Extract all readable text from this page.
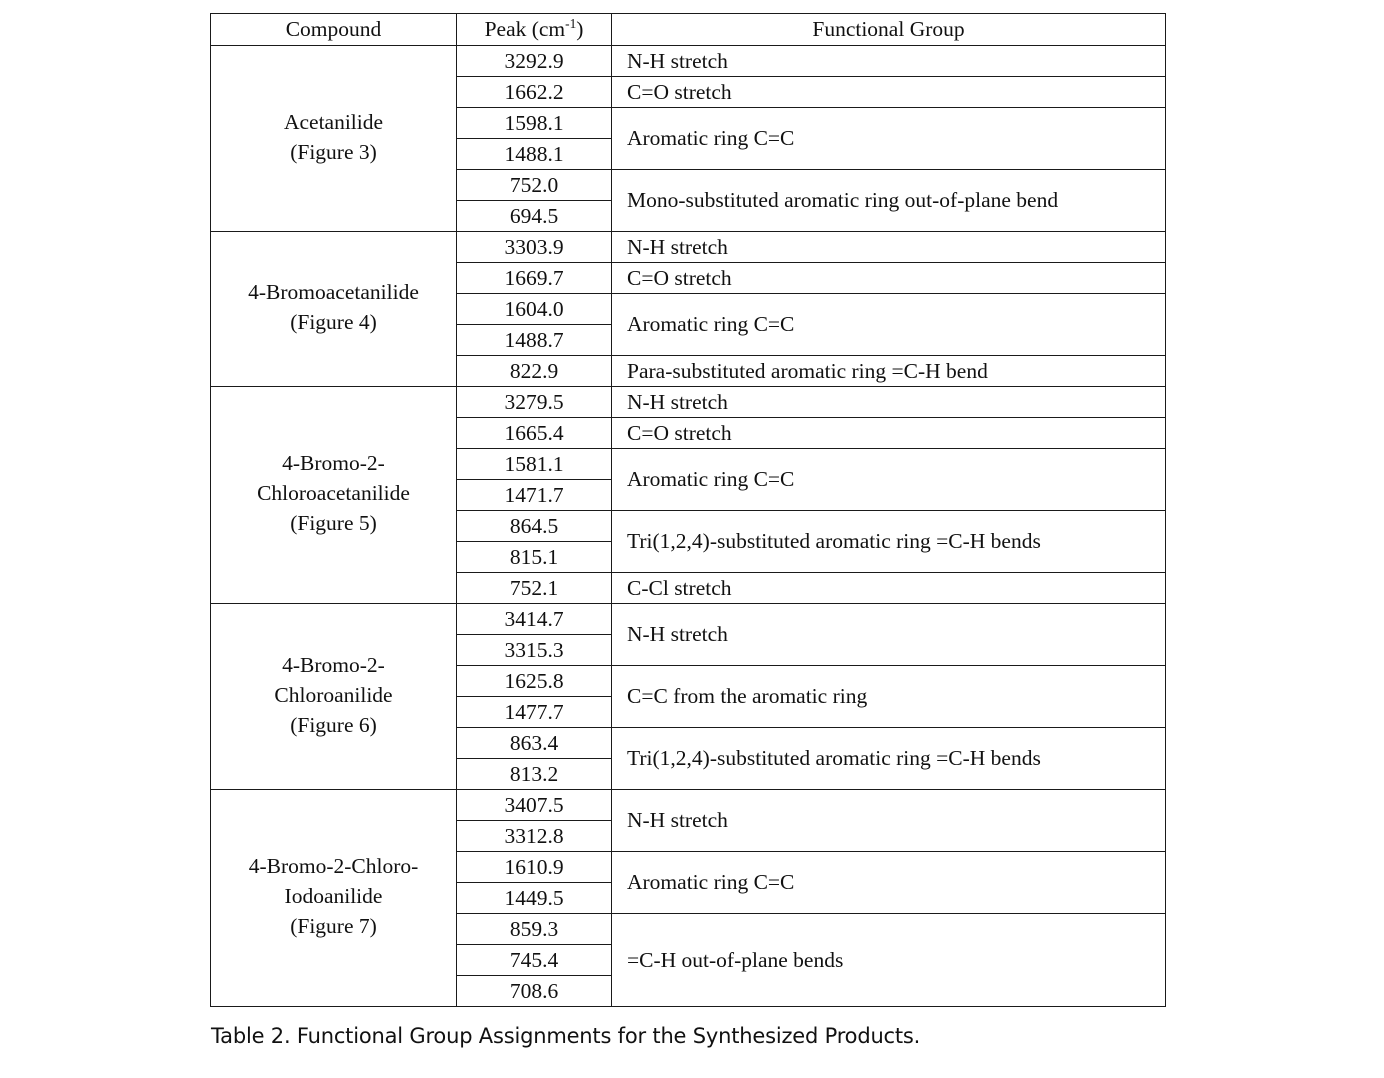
Compound	Peak $(cm^{-1})$	Functional Group

Acetanilide
(Figure 3)	3292.9	N-H stretch
	1662.2	C=O stretch
	1598.1	Aromatic ring C=C
	1488.1	
	752.0	Mono-substituted aromatic ring out-of-plane bend
	694.5	

4-Bromoacetanilide
(Figure 4)	3303.9	N-H stretch
	1669.7	C=O stretch
	1604.0	Aromatic ring C=C
	1488.7	
	822.9	Para-substituted aromatic ring =C-H bend

4-Bromo-2-
Chloroacetanilide
(Figure 5)	3279.5	N-H stretch
	1665.4	C=O stretch
	1581.1	Aromatic ring C=C
	1471.7	
	864.5	Tri(1,2,4)-substituted aromatic ring =C-H bends
	815.1	
	752.1	C-Cl stretch

4-Bromo-2-
Chloroanilide
(Figure 6)	3414.7	N-H stretch
	3315.3	
	1625.8	C=C from the aromatic ring
	1477.7	
	863.4	Tri(1,2,4)-substituted aromatic ring =C-H bends
	813.2	

4-Bromo-2-Chloro-
Iodoanilide
(Figure 7)	3407.5	N-H stretch
	3312.8	
	1610.9	Aromatic ring C=C
	1449.5	
	859.3	=C-H out-of-plane bends
	745.4	
	708.6	
Table 2. Functional Group Assignments for the Synthesized Products.
